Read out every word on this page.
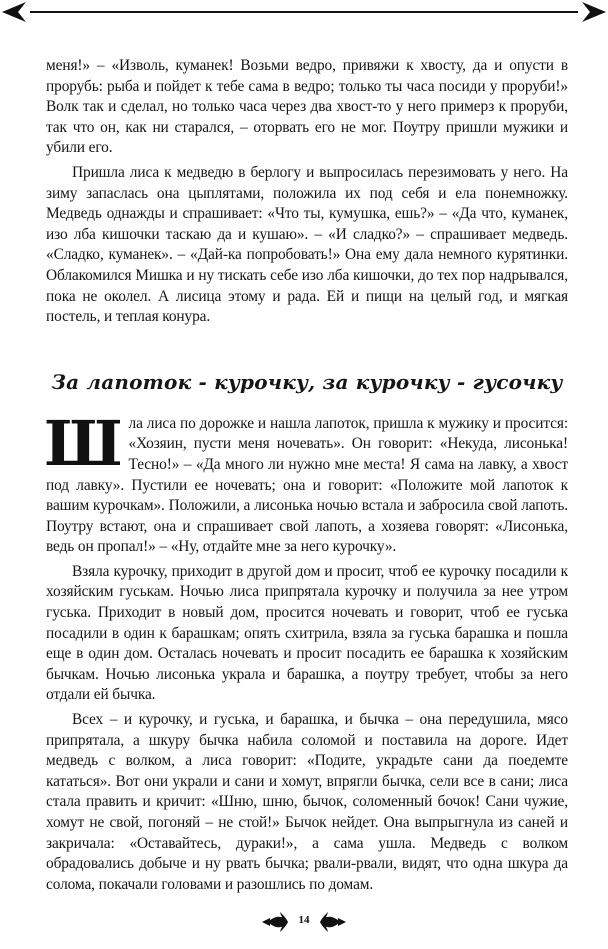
меня!» – «Изволь, куманек! Возьми ведро, привяжи к хвосту, да и опусти в прорубь: рыба и пойдет к тебе сама в ведро; только ты часа посиди у проруби!» Волк так и сделал, но только часа через два хвост-то у него примерз к проруби, так что он, как ни старался, – оторвать его не мог. Поутру пришли мужики и убили его.

Пришла лиса к медведю в берлогу и выпросилась перезимовать у него. На зиму запаслась она цыплятами, положила их под себя и ела понемножку. Медведь однажды и спрашивает: «Что ты, кумушка, ешь?» – «Да что, куманек, изо лба кишочки таскаю да и кушаю». – «И сладко?» – спрашивает медведь. «Сладко, куманек». – «Дай-ка попробовать!» Она ему дала немного курятинки. Облакомился Мишка и ну тискать себе изо лба кишочки, до тех пор надрывался, пока не околел. А лисица этому и рада. Ей и пищи на целый год, и мягкая постель, и теплая конура.

За лапоток - курочку, за курочку - гусочку

Шла лиса по дорожке и нашла лапоток, пришла к мужику и просится: «Хозяин, пусти меня ночевать». Он говорит: «Некуда, лисонька! Тесно!» – «Да много ли нужно мне места! Я сама на лавку, а хвост под лавку». Пустили ее ночевать; она и говорит: «Положите мой лапоток к вашим курочкам». Положили, а лисонька ночью встала и забросила свой лапоть. Поутру встают, она и спрашивает свой лапоть, а хозяева говорят: «Лисонька, ведь он пропал!» – «Ну, отдайте мне за него курочку».

Взяла курочку, приходит в другой дом и просит, чтоб ее курочку посадили к хозяйским гуськам. Ночью лиса припрятала курочку и получила за нее утром гуська. Приходит в новый дом, просится ночевать и говорит, чтоб ее гуська посадили в один к барашкам; опять схитрила, взяла за гуська барашка и пошла еще в один дом. Осталась ночевать и просит посадить ее барашка к хозяйским бычкам. Ночью лисонька украла и барашка, а поутру требует, чтобы за него отдали ей бычка.

Всех – и курочку, и гуська, и барашка, и бычка – она передушила, мясо припрятала, а шкуру бычка набила соломой и поставила на дороге. Идет медведь с волком, а лиса говорит: «Подите, украдьте сани да поедемте кататься». Вот они украли и сани и хомут, впрягли бычка, сели все в сани; лиса стала править и кричит: «Шню, шню, бычок, соломенный бочок! Сани чужие, хомут не свой, погоняй – не стой!» Бычок нейдет. Она выпрыгнула из саней и закричала: «Оставайтесь, дураки!», а сама ушла. Медведь с волком обрадовались добыче и ну рвать бычка; рвали-рвали, видят, что одна шкура да солома, покачали головами и разошлись по домам.

14
